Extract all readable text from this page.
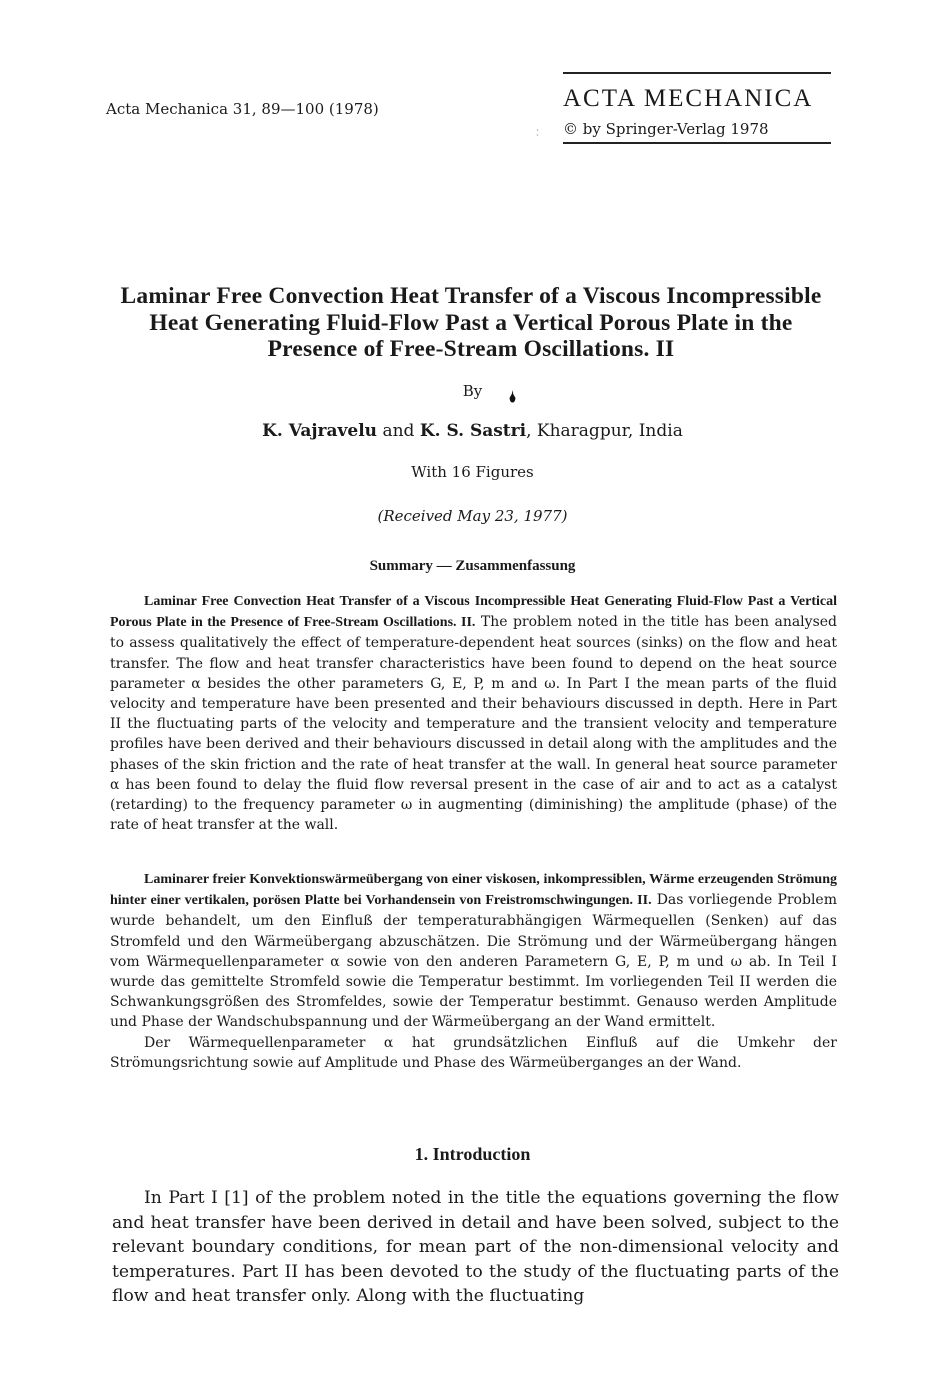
Acta Mechanica 31, 89—100 (1978)	ACTA MECHANICA
© by Springer-Verlag 1978
Laminar Free Convection Heat Transfer of a Viscous Incompressible
Heat Generating Fluid-Flow Past a Vertical Porous Plate in the
Presence of Free-Stream Oscillations. II
By
K. Vajravelu and K. S. Sastri, Kharagpur, India
With 16 Figures
(Received May 23, 1977)
Summary — Zusammenfassung

Laminar Free Convection Heat Transfer of a Viscous Incompressible Heat Generating Fluid-Flow Past a Vertical Porous Plate in the Presence of Free-Stream Oscillations. II. The problem noted in the title has been analysed to assess qualitatively the effect of temperature-dependent heat sources (sinks) on the flow and heat transfer. The flow and heat transfer characteristics have been found to depend on the heat source parameter α besides the other parameters G, E, P, m and ω. In Part I the mean parts of the fluid velocity and temperature have been presented and their behaviours discussed in depth. Here in Part II the fluctuating parts of the velocity and temperature and the transient velocity and temperature profiles have been derived and their behaviours discussed in detail along with the amplitudes and the phases of the skin friction and the rate of heat transfer at the wall. In general heat source parameter α has been found to delay the fluid flow reversal present in the case of air and to act as a catalyst (retarding) to the frequency parameter ω in augmenting (diminishing) the amplitude (phase) of the rate of heat transfer at the wall.

Laminarer freier Konvektionswärmeübergang von einer viskosen, inkompressiblen, Wärme erzeugenden Strömung hinter einer vertikalen, porösen Platte bei Vorhandensein von Freistromschwingungen. II. Das vorliegende Problem wurde behandelt, um den Einfluß der temperaturabhängigen Wärmequellen (Senken) auf das Stromfeld und den Wärmeübergang abzuschätzen. Die Strömung und der Wärmeübergang hängen vom Wärmequellenparameter α sowie von den anderen Parametern G, E, P, m und ω ab. In Teil I wurde das gemittelte Stromfeld sowie die Temperatur bestimmt. Im vorliegenden Teil II werden die Schwankungsgrößen des Stromfeldes, sowie der Temperatur bestimmt. Genauso werden Amplitude und Phase der Wandschubspannung und der Wärmeübergang an der Wand ermittelt.

Der Wärmequellenparameter α hat grundsätzlichen Einfluß auf die Umkehr der Strömungsrichtung sowie auf Amplitude und Phase des Wärmeüberganges an der Wand.

1. Introduction

In Part I [1] of the problem noted in the title the equations governing the flow and heat transfer have been derived in detail and have been solved, subject to the relevant boundary conditions, for mean part of the non-dimensional velocity and temperatures. Part II has been devoted to the study of the fluctuating parts of the flow and heat transfer only. Along with the fluctuating
